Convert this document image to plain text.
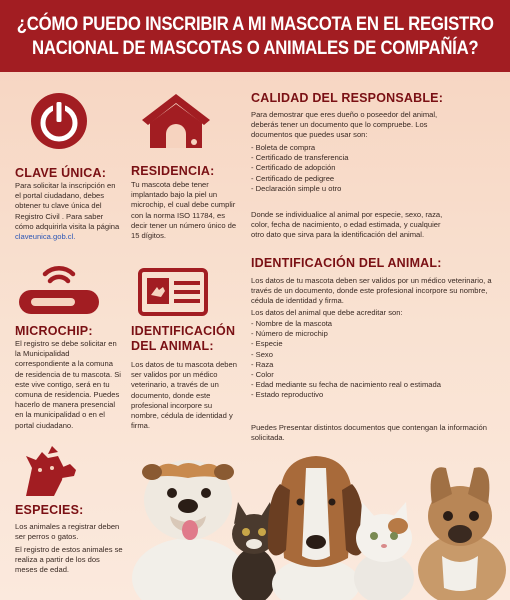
¿CÓMO PUEDO INSCRIBIR A MI MASCOTA EN EL REGISTRO
NACIONAL DE MASCOTAS O ANIMALES DE COMPAÑÍA?
CLAVE ÚNICA:
Para solicitar la inscripción en el portal ciudadano, debes obtener tu clave única del Registro Civil . Para saber cómo adquirirla visita la página claveunica.gob.cl.
RESIDENCIA:
Tu mascota debe tener implantado bajo la piel un microchip, el cual debe cumplir con la norma ISO 11784, es decir tener un número único de 15 dígitos.
MICROCHIP:
El registro se debe solicitar en la Municipalidad correspondiente a la comuna de residencia de tu mascota. Si este vive contigo, será en tu comuna de residencia. Puedes hacerlo de manera presencial en la municipalidad o en el portal ciudadano.
IDENTIFICACIÓN
DEL ANIMAL:
Los datos de tu mascota deben ser validos por un médico veterinario, a través de un documento, donde este profesional incorpore su nombre, cédula de identidad y firma.
ESPECIES:
Los animales a registrar deben ser perros o gatos.
El registro de estos animales se realiza a partir de los dos meses de edad.
CALIDAD DEL RESPONSABLE:
Para demostrar que eres dueño o poseedor del animal, deberás tener un documento que lo compruebe. Los documentos que puedes usar son:
- Boleta de compra
- Certificado de transferencia
- Certificado de adopción
- Certificado de pedigree
- Declaración simple u otro
Donde se individualice al animal por especie, sexo, raza, color, fecha de nacimiento, o edad estimada, y cualquier otro dato que sirva para la identificación del animal.
IDENTIFICACIÓN DEL ANIMAL:
Los datos de tu mascota deben ser validos por un médico veterinario, a través de un documento, donde este profesional incorpore su nombre, cédula de identidad y firma.
Los datos del animal que debe acreditar son:
- Nombre de la mascota
- Número de microchip
- Especie
- Sexo
- Raza
- Color
- Edad mediante su fecha de nacimiento real o estimada
- Estado reproductivo
Puedes Presentar distintos documentos que contengan la información solicitada.
